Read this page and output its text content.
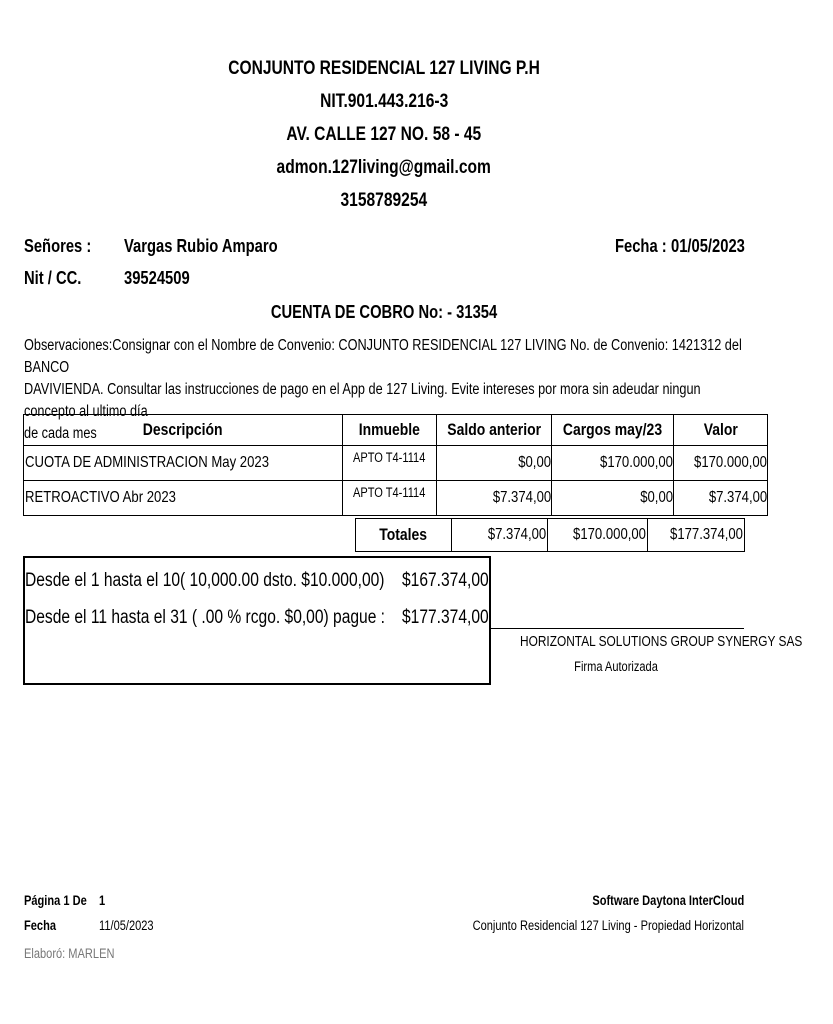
CONJUNTO RESIDENCIAL 127 LIVING P.H
NIT.901.443.216-3
AV. CALLE 127 NO. 58 - 45
admon.127living@gmail.com
3158789254
Señores :	Vargas Rubio Amparo
Nit / CC.	39524509
Fecha : 01/05/2023
CUENTA DE COBRO No: - 31354
Observaciones:Consignar con el Nombre de Convenio: CONJUNTO RESIDENCIAL 127 LIVING No. de Convenio: 1421312 del BANCO
DAVIVIENDA. Consultar las instrucciones de pago en el App de 127 Living. Evite intereses por mora sin adeudar ningun concepto al ultimo día
de cada mes	Descripción	Inmueble	Saldo anterior	Cargos may/23	Valor
CUOTA DE ADMINISTRACION May 2023	APTO T4-1114	$0,00	$170.000,00	$170.000,00
RETROACTIVO Abr 2023	APTO T4-1114	$7.374,00	$0,00	$7.374,00
Totales	$7.374,00	$170.000,00	$177.374,00
Desde el 1 hasta el 10( 10,000.00 dsto. $10.000,00) $167.374,00
Desde el 11 hasta el 31 ( .00 % rcgo. $0,00) pague : $177.374,00
HORIZONTAL SOLUTIONS GROUP SYNERGY SAS
Firma Autorizada
Página 1 De 1
Fecha	11/05/2023
Elaboró: MARLEN
Software Daytona InterCloud
Conjunto Residencial 127 Living - Propiedad Horizontal
